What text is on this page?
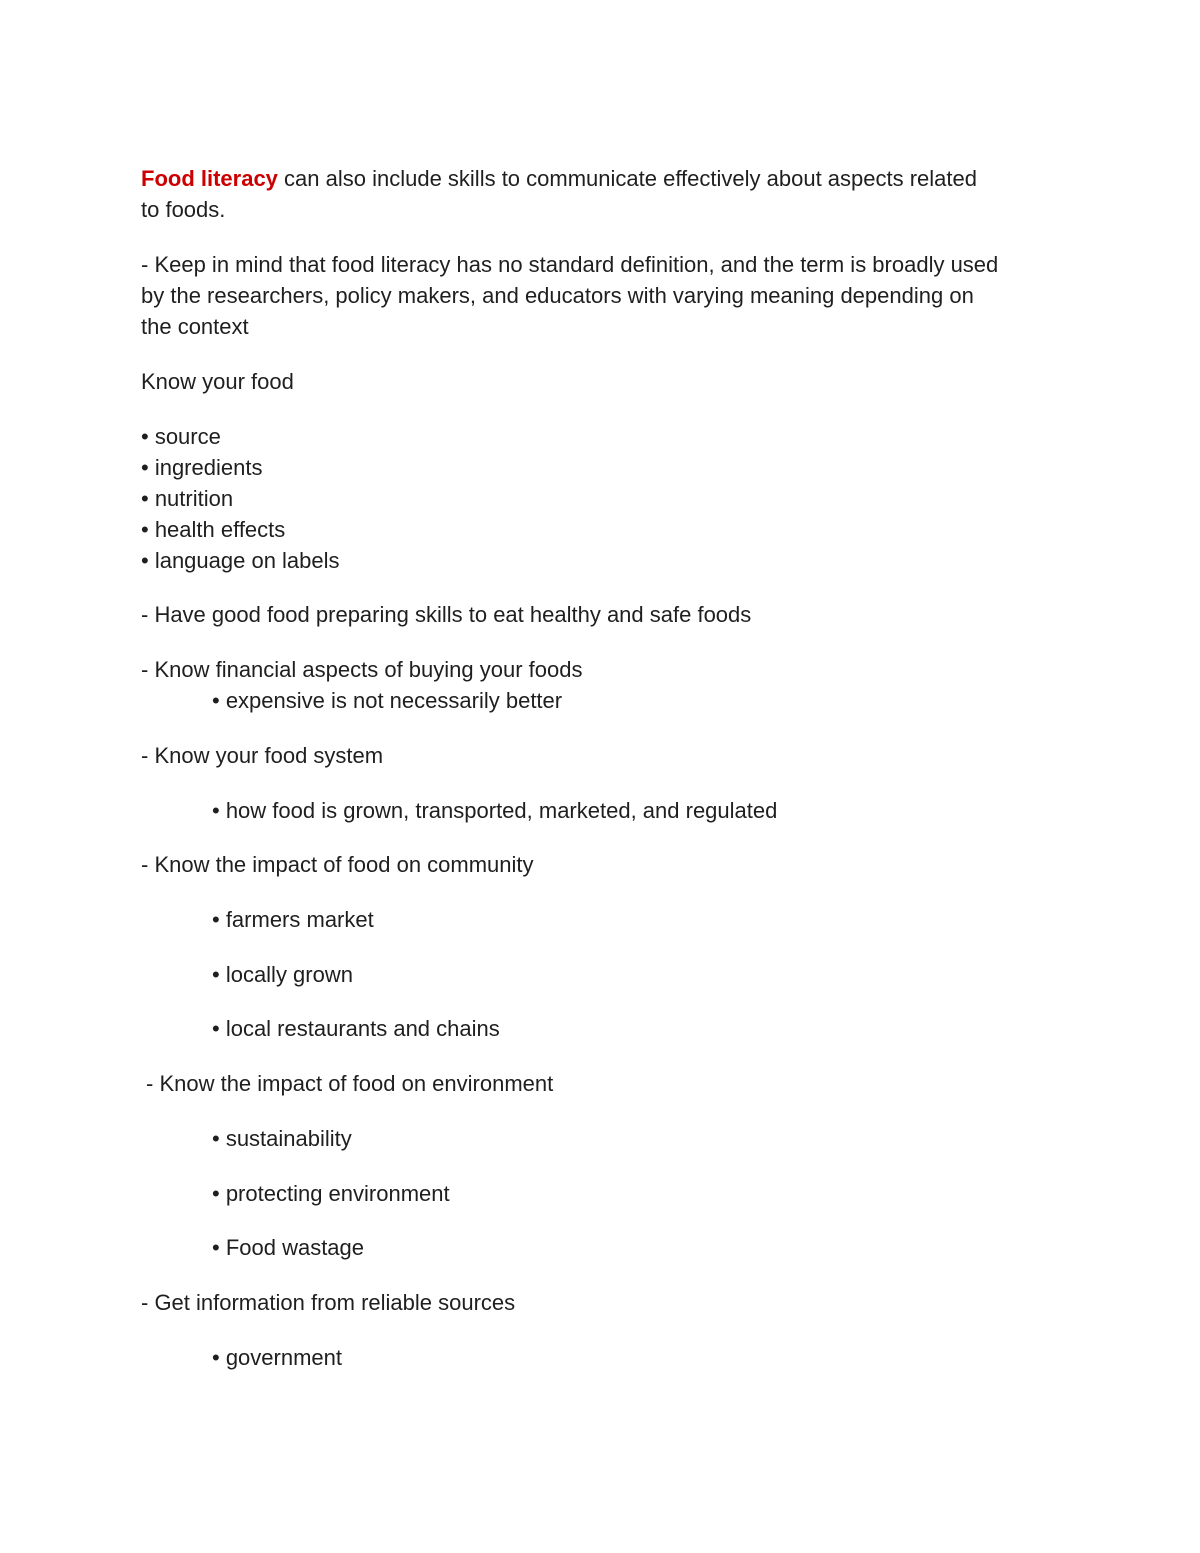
Food literacy can also include skills to communicate effectively about aspects related

to foods.

- Keep in mind that food literacy has no standard definition, and the term is broadly used

by the researchers, policy makers, and educators with varying meaning depending on

the context

Know your food

• source

• ingredients

• nutrition

• health effects

• language on labels

- Have good food preparing skills to eat healthy and safe foods

- Know financial aspects of buying your foods

• expensive is not necessarily better

- Know your food system

• how food is grown, transported, marketed, and regulated

- Know the impact of food on community

• farmers market

• locally grown

• local restaurants and chains

- Know the impact of food on environment

• sustainability

• protecting environment

• Food wastage

- Get information from reliable sources

• government
